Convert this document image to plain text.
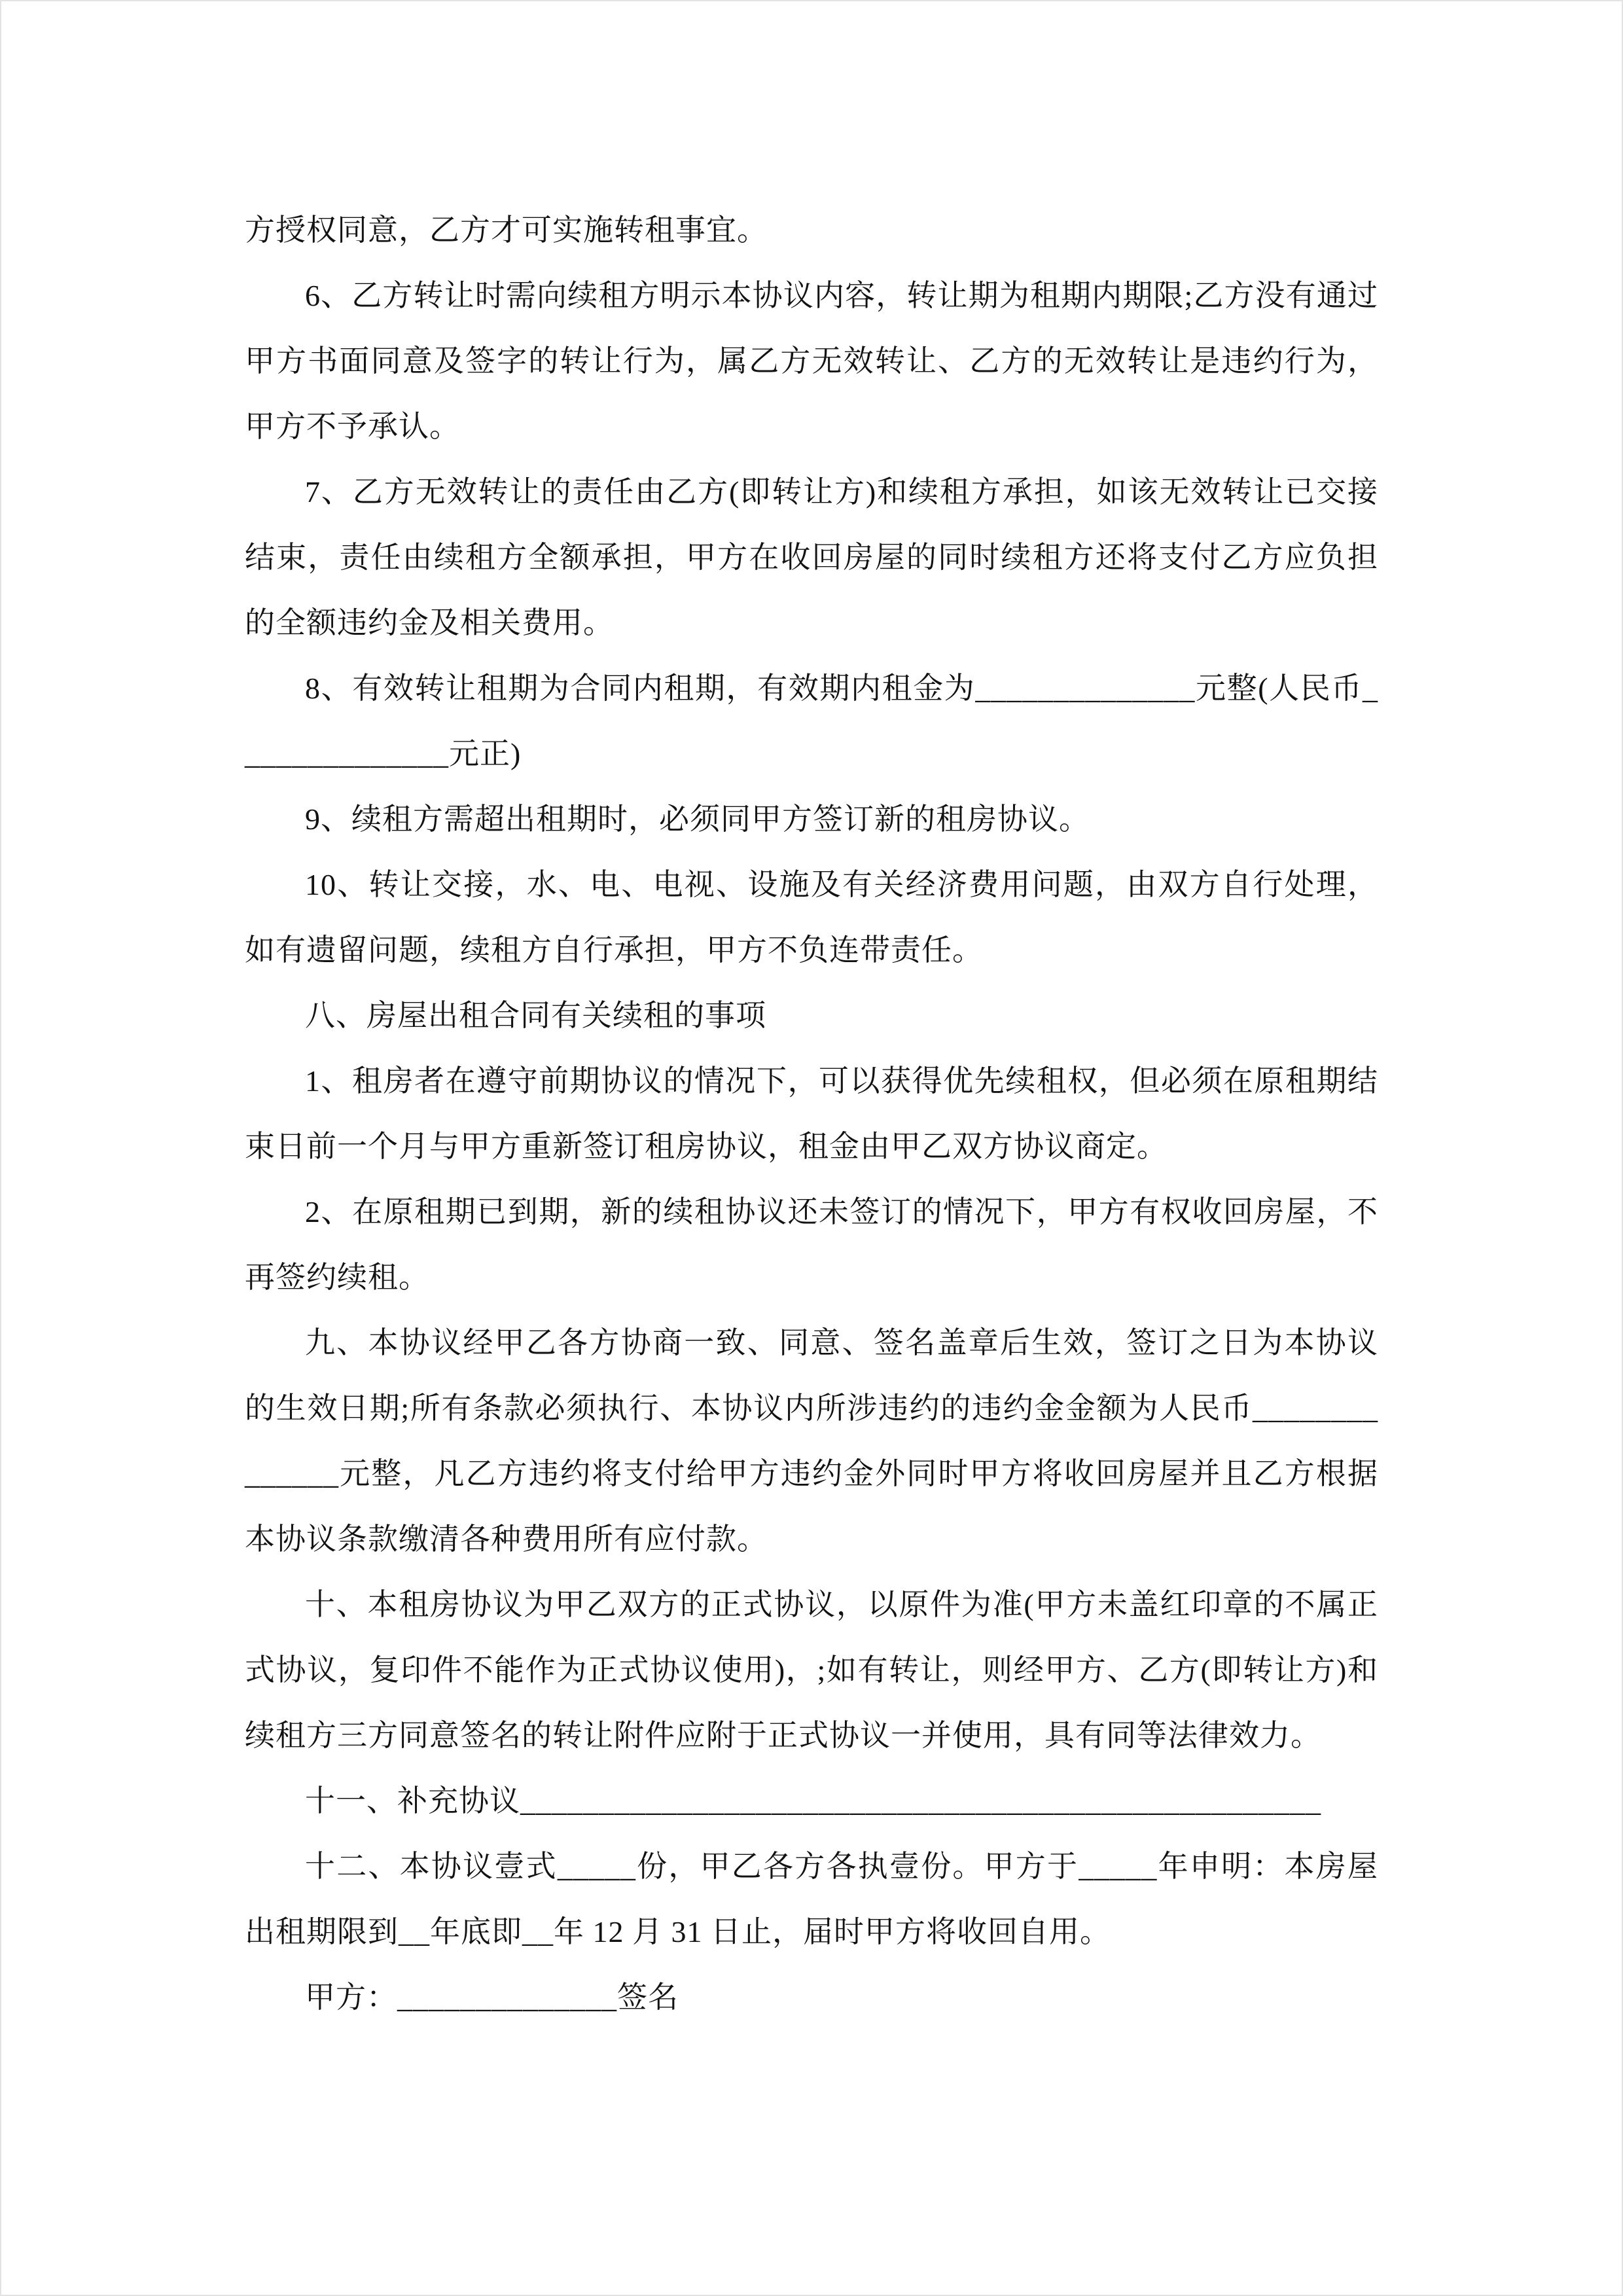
方授权同意，乙方才可实施转租事宜。

6、乙方转让时需向续租方明示本协议内容，转让期为租期内期限;乙方没有通过甲方书面同意及签字的转让行为，属乙方无效转让、乙方的无效转让是违约行为，甲方不予承认。

7、乙方无效转让的责任由乙方(即转让方)和续租方承担，如该无效转让已交接结束，责任由续租方全额承担，甲方在收回房屋的同时续租方还将支付乙方应负担的全额违约金及相关费用。

8、有效转让租期为合同内租期，有效期内租金为______________元整(人民币______________元正)

9、续租方需超出租期时，必须同甲方签订新的租房协议。

10、转让交接，水、电、电视、设施及有关经济费用问题，由双方自行处理，如有遗留问题，续租方自行承担，甲方不负连带责任。

八、房屋出租合同有关续租的事项

1、租房者在遵守前期协议的情况下，可以获得优先续租权，但必须在原租期结束日前一个月与甲方重新签订租房协议，租金由甲乙双方协议商定。

2、在原租期已到期，新的续租协议还未签订的情况下，甲方有权收回房屋，不再签约续租。

九、本协议经甲乙各方协商一致、同意、签名盖章后生效，签订之日为本协议的生效日期;所有条款必须执行、本协议内所涉违约的违约金金额为人民币______________元整，凡乙方违约将支付给甲方违约金外同时甲方将收回房屋并且乙方根据本协议条款缴清各种费用所有应付款。

十、本租房协议为甲乙双方的正式协议，以原件为准(甲方未盖红印章的不属正式协议，复印件不能作为正式协议使用)，;如有转让，则经甲方、乙方(即转让方)和续租方三方同意签名的转让附件应附于正式协议一并使用，具有同等法律效力。

十一、补充协议___________________________________________________

十二、本协议壹式_____份，甲乙各方各执壹份。甲方于_____年申明：本房屋出租期限到__年底即__年 12 月 31 日止，届时甲方将收回自用。

甲方：______________签名
